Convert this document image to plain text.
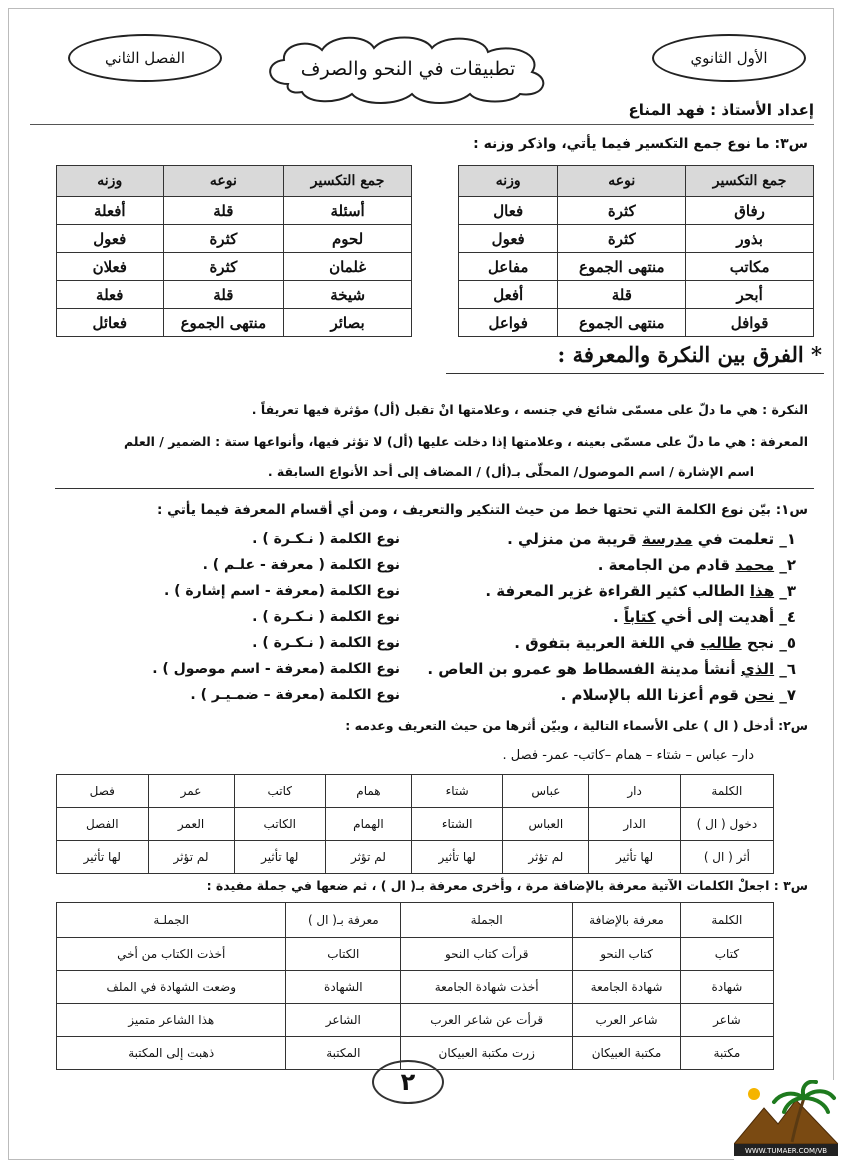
الأول الثانوي
تطبيقات في النحو والصرف
الفصل الثاني
إعداد الأستاذ : فهد المناع
س٣: ما نوع جمع التكسير فيما يأتي، واذكر وزنه :
جمع التكسير	نوعه	وزنه
رفاق	كثرة	فعال
بذور	كثرة	فعول
مكاتب	منتهى الجموع	مفاعل
أبحر	قلة	أفعل
قوافل	منتهى الجموع	فواعل
جمع التكسير	نوعه	وزنه
أسئلة	قلة	أفعلة
لحوم	كثرة	فعول
غلمان	كثرة	فعلان
شيخة	قلة	فعلة
بصائر	منتهى الجموع	فعائل
* الفرق بين النكرة والمعرفة :
النكرة : هي ما دلّ على مسمّى شائع في جنسه ، وعلامتها انْ تقبل (أل) مؤثرة فيها تعريفاً .
المعرفة : هي ما دلّ على مسمّى بعينه ، وعلامتها إذا دخلت عليها (أل) لا تؤثر فيها، وأنواعها ستة : الضمير / العلم
اسم الإشارة / اسم الموصول/ المحلّى بـ(أل) / المضاف إلى أحد الأنواع السابقة .
س١: بيّن نوع الكلمة التي تحتها خط من حيث التنكير والتعريف ، ومن أي أقسام المعرفة فيما يأتي :
١_ تعلمت في مدرسة قريبة من منزلي .
نوع الكلمة ( نـكـرة ) .
٢_ محمد قادم من الجامعة .
نوع الكلمة ( معرفة - علـم ) .
٣_ هذا الطالب كثير القراءة غزير المعرفة .
نوع الكلمة (معرفة - اسم إشارة ) .
٤_ أهديت إلى أخي كتاباً .
نوع الكلمة ( نـكـرة ) .
٥_ نجح طالب في اللغة العربية بتفوق .
نوع الكلمة ( نـكـرة ) .
٦_ الذي أنشأ مدينة الفسطاط هو عمرو بن العاص .
نوع الكلمة (معرفة - اسم موصول ) .
٧_ نحن قوم أعزنا الله بالإسلام .
نوع الكلمة (معرفة – ضمـيـر ) .
س٢: أدخل ( ال ) على الأسماء التالية ، وبيّن أثرها من حيث التعريف وعدمه :
دار– عباس – شتاء – همام –كاتب- عمر- فصل .
الكلمة	دار	عباس	شتاء	همام	كاتب	عمر	فصل
دخول ( ال )	الدار	العباس	الشتاء	الهمام	الكاتب	العمر	الفصل
أثر ( ال )	لها تأثير	لم تؤثر	لها تأثير	لم تؤثر	لها تأثير	لم تؤثر	لها تأثير
س٣ : اجعلْ الكلمات الآتية معرفة بالإضافة مرة ، وأخرى معرفة بـ( ال ) ، ثم ضعها في جملة مفيدة :
الكلمة	معرفة بالإضافة	الجملة	معرفة بـ( ال )	الجملـة
كتاب	كتاب النحو	قرأت كتاب النحو	الكتاب	أخذت الكتاب من أخي
شهادة	شهادة الجامعة	أخذت شهادة الجامعة	الشهادة	وضعت الشهادة في الملف
شاعر	شاعر العرب	قرأت عن شاعر العرب	الشاعر	هذا الشاعر متميز
مكتبة	مكتبة العبيكان	زرت مكتبة العبيكان	المكتبة	ذهبت إلى المكتبة
٢
WWW.TUMAER.COM/VB
